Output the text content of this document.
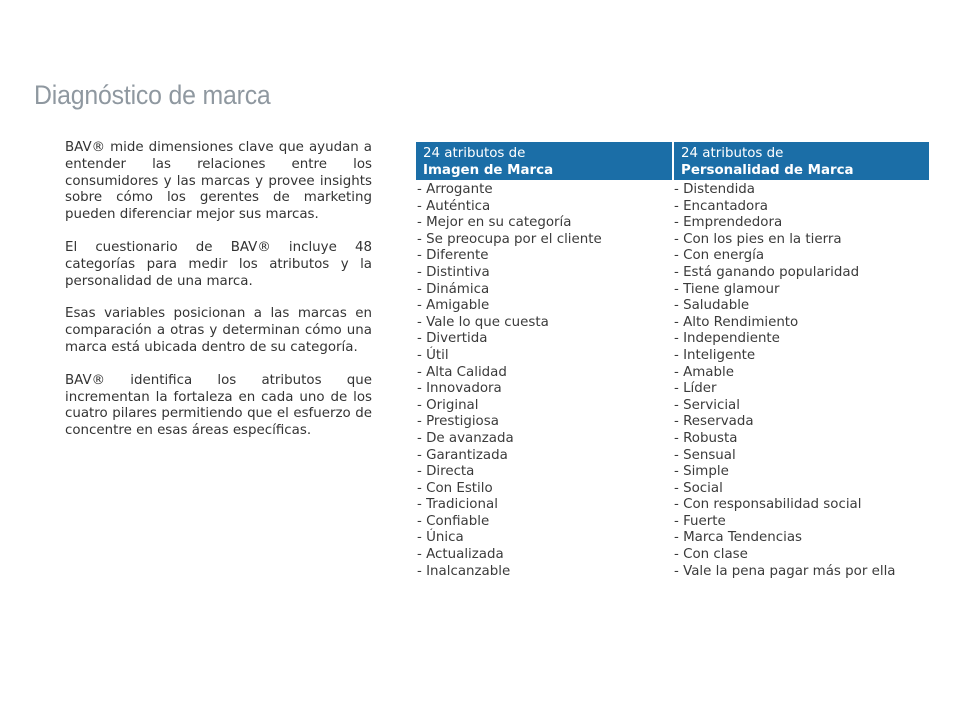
Diagnóstico de marca

BAV® mide dimensiones clave que ayudan a entender las relaciones entre los consumidores y las marcas y provee insights sobre cómo los gerentes de marketing pueden diferenciar mejor sus marcas.

El cuestionario de BAV® incluye 48 categorías para medir los atributos y la personalidad de una marca.

Esas variables posicionan a las marcas en comparación a otras y determinan cómo una marca está ubicada dentro de su categoría.

BAV® identifica los atributos que incrementan la fortaleza en cada uno de los cuatro pilares permitiendo que el esfuerzo de concentre en esas áreas específicas.

24 atributos de
Imagen de Marca
24 atributos de
Personalidad de Marca
- Arrogante
- Auténtica
- Mejor en su categoría
- Se preocupa por el cliente
- Diferente
- Distintiva
- Dinámica
- Amigable
- Vale lo que cuesta
- Divertida
- Útil
- Alta Calidad
- Innovadora
- Original
- Prestigiosa
- De avanzada
- Garantizada
- Directa
- Con Estilo
- Tradicional
- Confiable
- Única
- Actualizada
- Inalcanzable
- Distendida
- Encantadora
- Emprendedora
- Con los pies en la tierra
- Con energía
- Está ganando popularidad
- Tiene glamour
- Saludable
- Alto Rendimiento
- Independiente
- Inteligente
- Amable
- Líder
- Servicial
- Reservada
- Robusta
- Sensual
- Simple
- Social
- Con responsabilidad social
- Fuerte
- Marca Tendencias
- Con clase
- Vale la pena pagar más por ella
